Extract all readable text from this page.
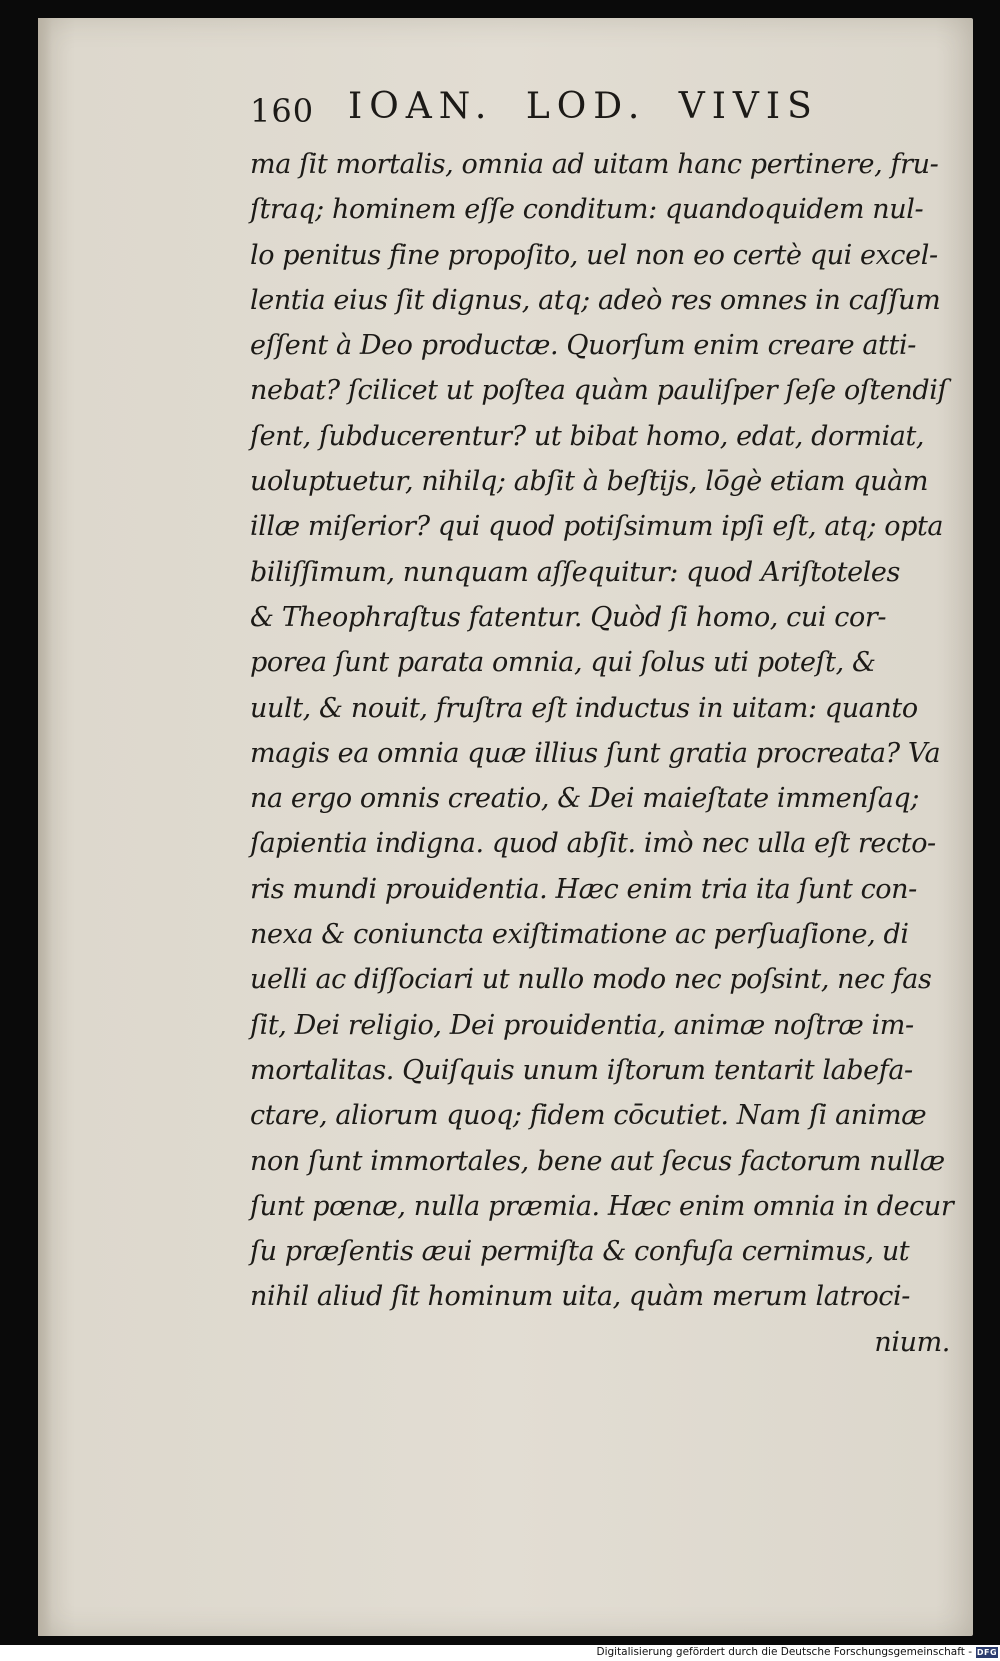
160 IOAN. LOD. VIVIS
ma ſit mortalis, omnia ad uitam hanc pertinere, fru-
ſtraq; hominem eſſe conditum: quandoquidem nul-
lo penitus fine propoſito, uel non eo certè qui excel-
lentia eius ſit dignus, atq; adeò res omnes in caſſum
eſſent à Deo productæ. Quorſum enim creare atti-
nebat? ſcilicet ut poſtea quàm pauliſper ſeſe oſtendiſ
ſent, ſubducerentur? ut bibat homo, edat, dormiat,
uoluptuetur, nihilq; abſit à beſtijs, lōgè etiam quàm
illæ miſerior? qui quod potiſsimum ipſi eſt, atq; opta
biliſſimum, nunquam aſſequitur: quod Ariſtoteles
& Theophraſtus fatentur. Quòd ſi homo, cui cor-
porea ſunt parata omnia, qui ſolus uti poteſt, &
uult, & nouit, fruſtra eſt inductus in uitam: quanto
magis ea omnia quæ illius ſunt gratia procreata? Va
na ergo omnis creatio, & Dei maieſtate immenſaq;
ſapientia indigna. quod abſit. imò nec ulla eſt recto-
ris mundi prouidentia. Hæc enim tria ita ſunt con-
nexa & coniuncta exiſtimatione ac perſuaſione, di
uelli ac diſſociari ut nullo modo nec poſsint, nec fas
ſit, Dei religio, Dei prouidentia, animæ noſtræ im-
mortalitas. Quiſquis unum iſtorum tentarit labefa-
ctare, aliorum quoq; fidem cōcutiet. Nam ſi animæ
non ſunt immortales, bene aut ſecus factorum nullæ
ſunt pœnæ, nulla præmia. Hæc enim omnia in decur
ſu præſentis æui permiſta & confuſa cernimus, ut
nihil aliud ſit hominum uita, quàm merum latroci-
nium.
Digitalisierung gefördert durch die Deutsche Forschungsgemeinschaft - DFG
